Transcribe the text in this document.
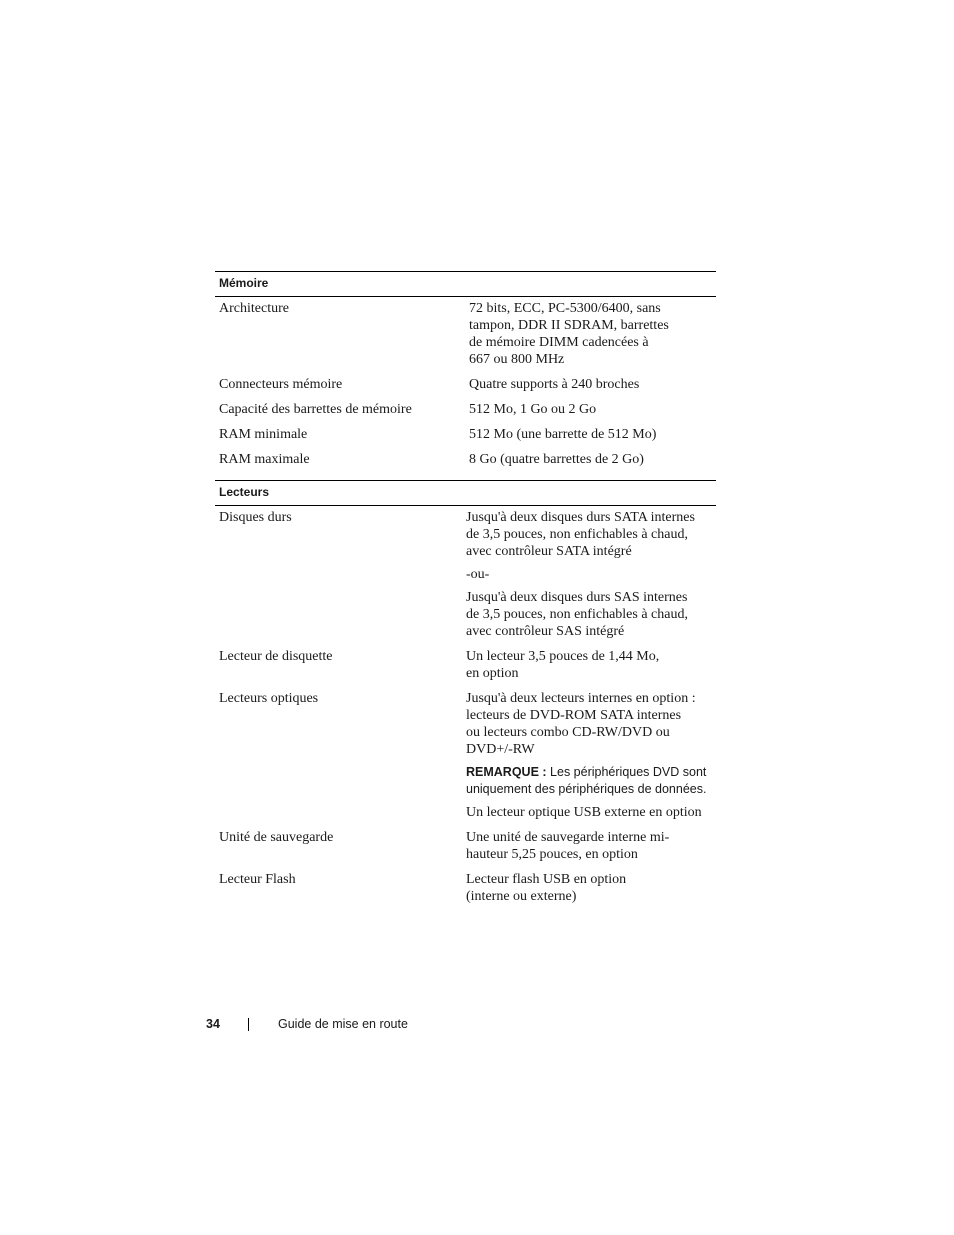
Mémoire
Architecture	72 bits, ECC, PC-5300/6400, sans
tampon, DDR II SDRAM, barrettes
de mémoire DIMM cadencées à
667 ou 800 MHz
Connecteurs mémoire	Quatre supports à 240 broches
Capacité des barrettes de mémoire	512 Mo, 1 Go ou 2 Go
RAM minimale	512 Mo (une barrette de 512 Mo)
RAM maximale	8 Go (quatre barrettes de 2 Go)
Lecteurs
Disques durs	Jusqu'à deux disques durs SATA internes
de 3,5 pouces, non enfichables à chaud,
avec contrôleur SATA intégré

-ou-

Jusqu'à deux disques durs SAS internes
de 3,5 pouces, non enfichables à chaud,
avec contrôleur SAS intégré

Lecteur de disquette	Un lecteur 3,5 pouces de 1,44 Mo,
en option
Lecteurs optiques	Jusqu'à deux lecteurs internes en option :
lecteurs de DVD-ROM SATA internes
ou lecteurs combo CD-RW/DVD ou
DVD+/-RW

REMARQUE : Les périphériques DVD sont
uniquement des périphériques de données.

Un lecteur optique USB externe en option

Unité de sauvegarde	Une unité de sauvegarde interne mi-
hauteur 5,25 pouces, en option
Lecteur Flash	Lecteur flash USB en option
(interne ou externe)
34	Guide de mise en route
